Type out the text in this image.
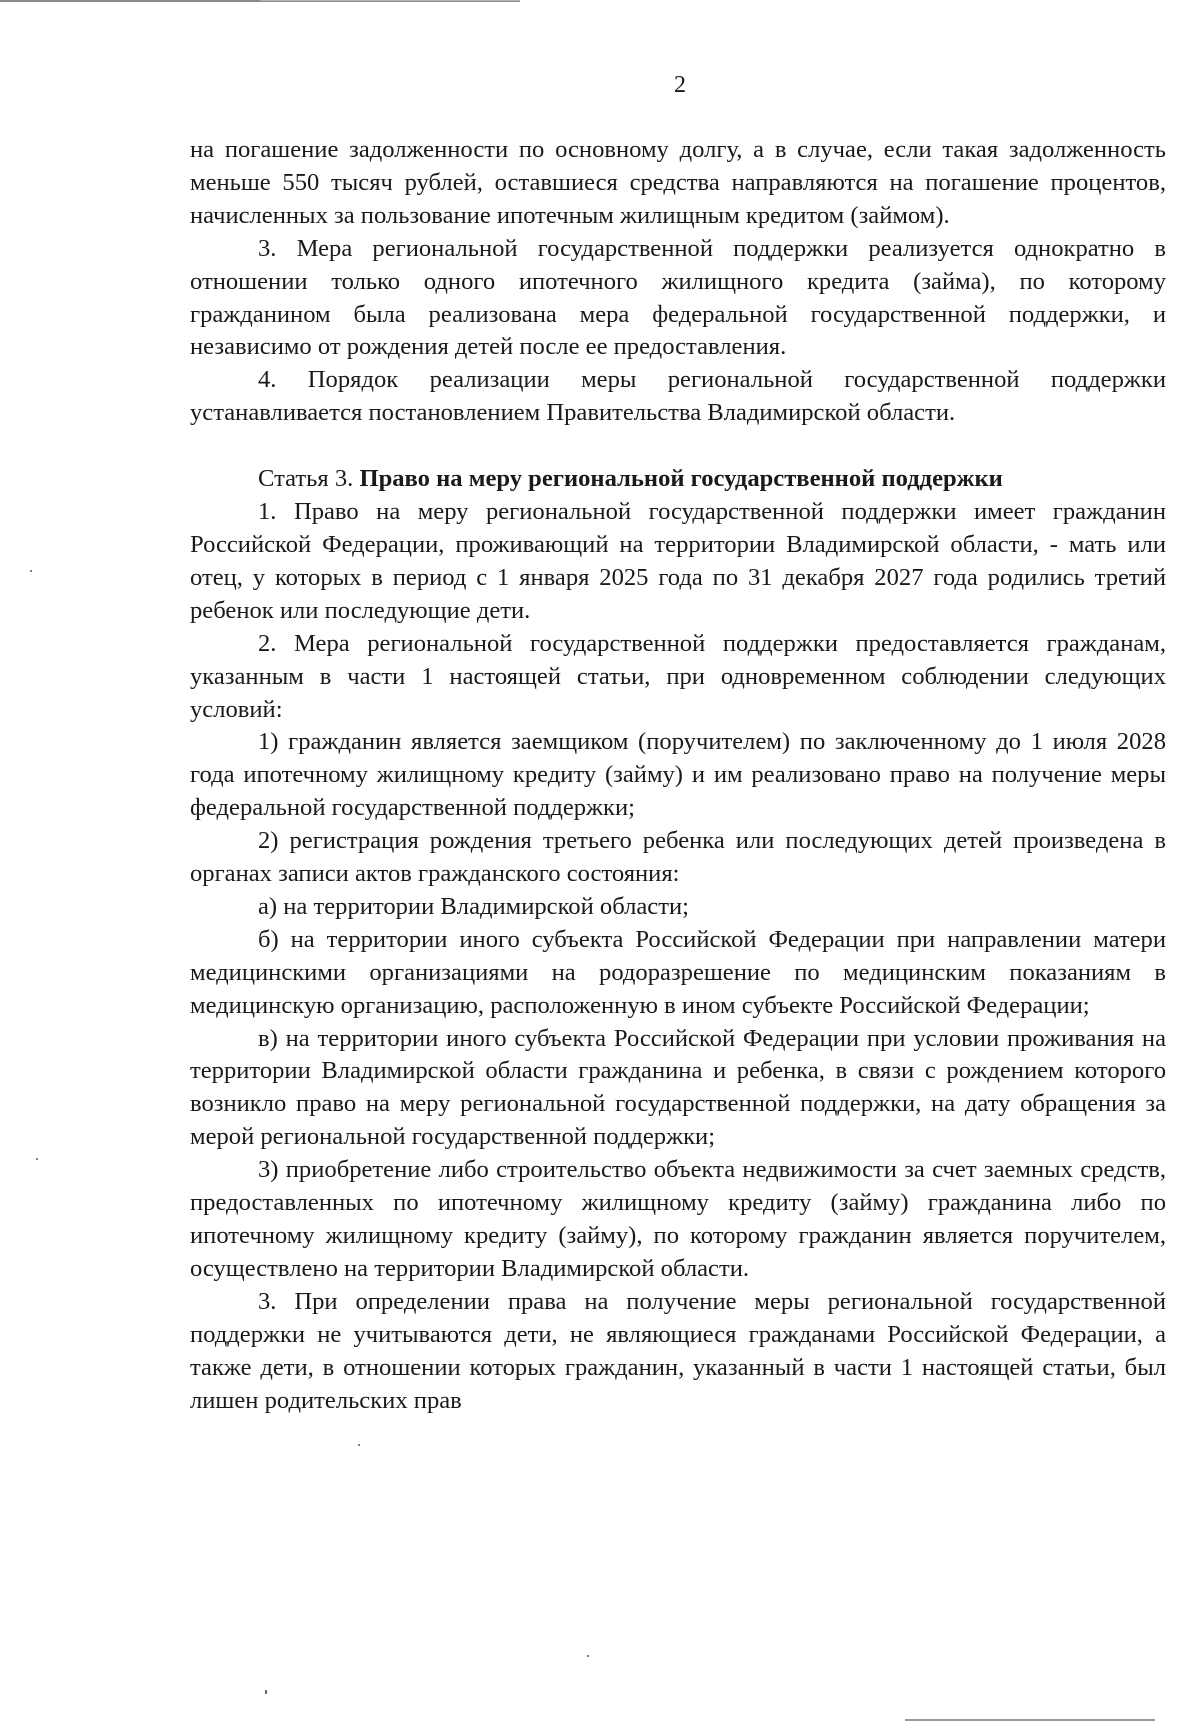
2

на погашение задолженности по основному долгу, а в случае, если такая задолженность меньше 550 тысяч рублей, оставшиеся средства направляются на погашение процентов, начисленных за пользование ипотечным жилищным кредитом (займом).

3. Мера региональной государственной поддержки реализуется однократно в отношении только одного ипотечного жилищного кредита (займа), по которому гражданином была реализована мера федеральной государственной поддержки, и независимо от рождения детей после ее предоставления.

4. Порядок реализации меры региональной государственной поддержки устанавливается постановлением Правительства Владимирской области.

Статья 3. Право на меру региональной государственной поддержки

1. Право на меру региональной государственной поддержки имеет гражданин Российской Федерации, проживающий на территории Владимирской области, - мать или отец, у которых в период с 1 января 2025 года по 31 декабря 2027 года родились третий ребенок или последующие дети.

2. Мера региональной государственной поддержки предоставляется гражданам, указанным в части 1 настоящей статьи, при одновременном соблюдении следующих условий:

1) гражданин является заемщиком (поручителем) по заключенному до 1 июля 2028 года ипотечному жилищному кредиту (займу) и им реализовано право на получение меры федеральной государственной поддержки;

2) регистрация рождения третьего ребенка или последующих детей произведена в органах записи актов гражданского состояния:

а) на территории Владимирской области;

б) на территории иного субъекта Российской Федерации при направлении матери медицинскими организациями на родоразрешение по медицинским показаниям в медицинскую организацию, расположенную в ином субъекте Российской Федерации;

в) на территории иного субъекта Российской Федерации при условии проживания на территории Владимирской области гражданина и ребенка, в связи с рождением которого возникло право на меру региональной государственной поддержки, на дату обращения за мерой региональной государственной поддержки;

3) приобретение либо строительство объекта недвижимости за счет заемных средств, предоставленных по ипотечному жилищному кредиту (займу) гражданина либо по ипотечному жилищному кредиту (займу), по которому гражданин является поручителем, осуществлено на территории Владимирской области.

3. При определении права на получение меры региональной государственной поддержки не учитываются дети, не являющиеся гражданами Российской Федерации, а также дети, в отношении которых гражданин, указанный в части 1 настоящей статьи, был лишен родительских прав
